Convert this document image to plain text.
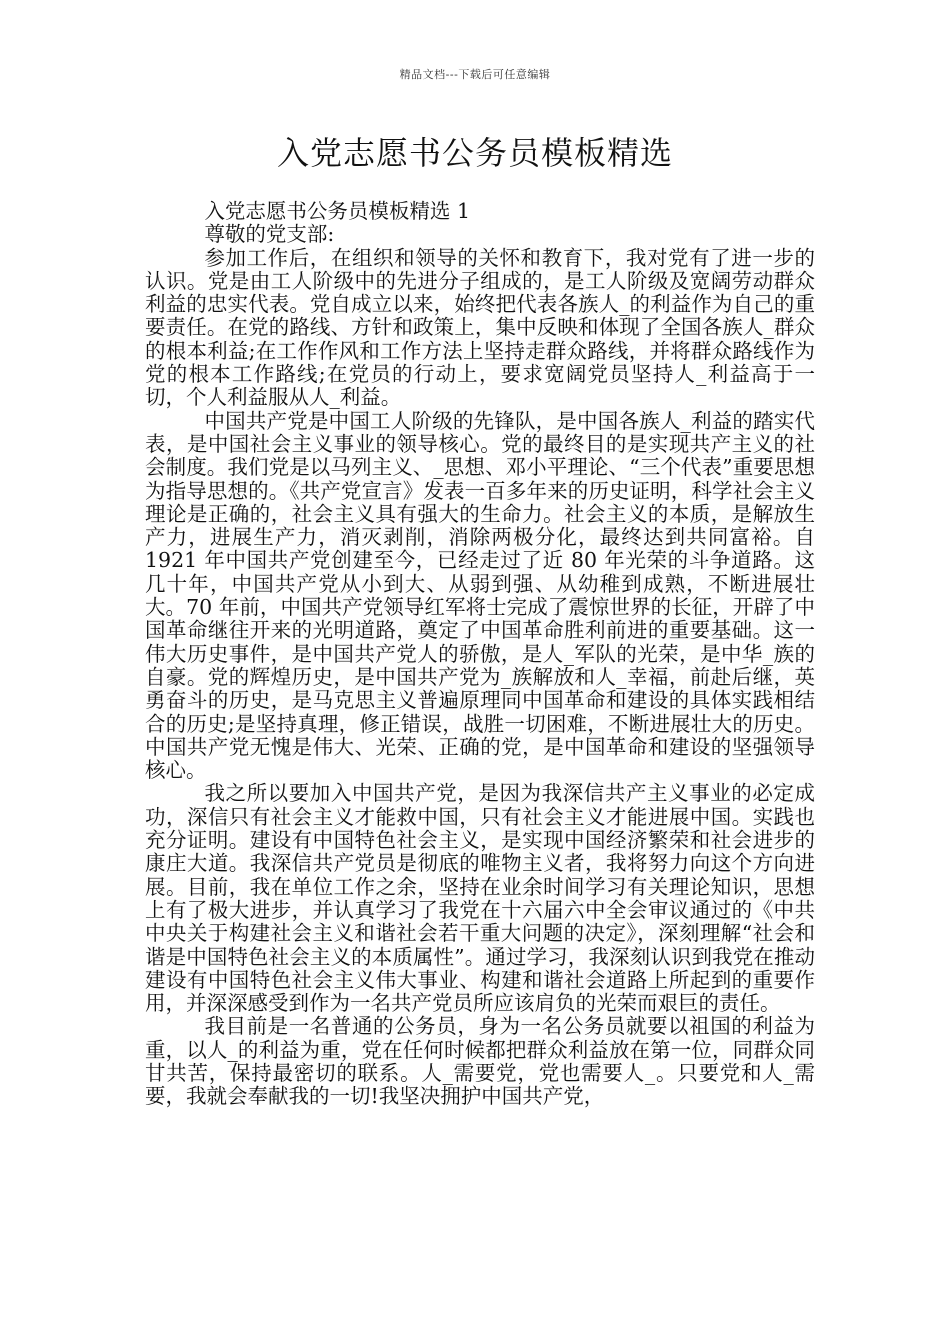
精品文档---下载后可任意编辑
入党志愿书公务员模板精选

入党志愿书公务员模板精选 1

尊敬的党支部:

参加工作后，在组织和领导的关怀和教育下，我对党有了进一步的认识。党是由工人阶级中的先进分子组成的，是工人阶级及宽阔劳动群众利益的忠实代表。党自成立以来，始终把代表各族人_的利益作为自己的重要责任。在党的路线、方针和政策上，集中反映和体现了全国各族人_群众的根本利益;在工作作风和工作方法上坚持走群众路线，并将群众路线作为党的根本工作路线;在党员的行动上，要求宽阔党员坚持人_利益高于一切，个人利益服从人_利益。

中国共产党是中国工人阶级的先锋队，是中国各族人_利益的踏实代表，是中国社会主义事业的领导核心。党的最终目的是实现共产主义的社会制度。我们党是以马列主义、_思想、邓小平理论、“三个代表”重要思想为指导思想的。《共产党宣言》发表一百多年来的历史证明，科学社会主义理论是正确的，社会主义具有强大的生命力。社会主义的本质，是解放生产力，进展生产力，消灭剥削，消除两极分化，最终达到共同富裕。自 1921 年中国共产党创建至今，已经走过了近 80 年光荣的斗争道路。这几十年，中国共产党从小到大、从弱到强、从幼稚到成熟，不断进展壮大。70 年前，中国共产党领导红军将士完成了震惊世界的长征，开辟了中国革命继往开来的光明道路，奠定了中国革命胜利前进的重要基础。这一伟大历史事件，是中国共产党人的骄傲，是人_军队的光荣，是中华_族的自豪。党的辉煌历史，是中国共产党为_族解放和人_幸福，前赴后继，英勇奋斗的历史，是马克思主义普遍原理同中国革命和建设的具体实践相结合的历史;是坚持真理，修正错误，战胜一切困难，不断进展壮大的历史。中国共产党无愧是伟大、光荣、正确的党，是中国革命和建设的坚强领导核心。

我之所以要加入中国共产党，是因为我深信共产主义事业的必定成功，深信只有社会主义才能救中国，只有社会主义才能进展中国。实践也充分证明。建设有中国特色社会主义，是实现中国经济繁荣和社会进步的康庄大道。我深信共产党员是彻底的唯物主义者，我将努力向这个方向进展。目前，我在单位工作之余，坚持在业余时间学习有关理论知识，思想上有了极大进步，并认真学习了我党在十六届六中全会审议通过的《中共中央关于构建社会主义和谐社会若干重大问题的决定》，深刻理解“社会和谐是中国特色社会主义的本质属性”。通过学习，我深刻认识到我党在推动建设有中国特色社会主义伟大事业、构建和谐社会道路上所起到的重要作用，并深深感受到作为一名共产党员所应该肩负的光荣而艰巨的责任。

我目前是一名普通的公务员，身为一名公务员就要以祖国的利益为重，以人_的利益为重，党在任何时候都把群众利益放在第一位，同群众同甘共苦，保持最密切的联系。人_需要党，党也需要人_。只要党和人_需要，我就会奉献我的一切!我坚决拥护中国共产党，
